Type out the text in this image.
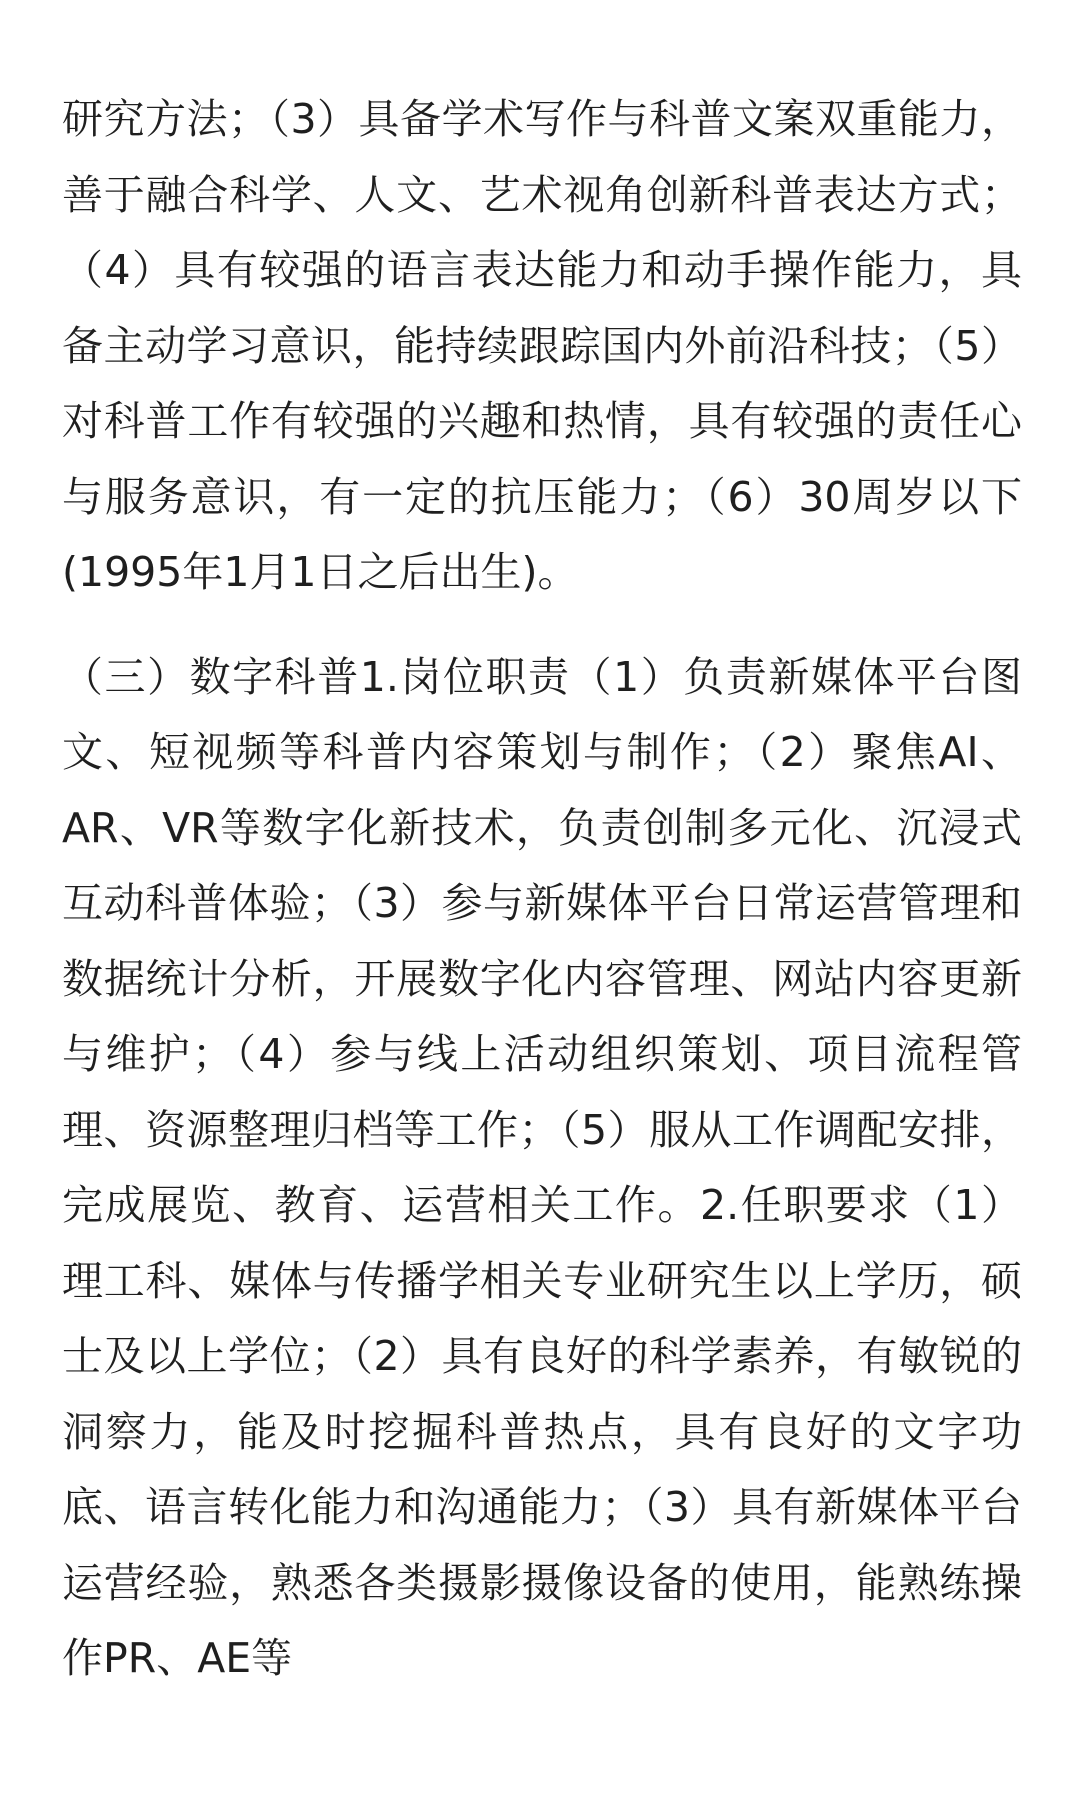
研究方法；（3）具备学术写作与科普文案双重能力，善于融合科学、人文、艺术视角创新科普表达方式；（4）具有较强的语言表达能力和动手操作能力，具备主动学习意识，能持续跟踪国内外前沿科技；（5）对科普工作有较强的兴趣和热情，具有较强的责任心与服务意识，有一定的抗压能力；（6）30周岁以下(1995年1月1日之后出生)。

（三）数字科普1.岗位职责（1）负责新媒体平台图文、短视频等科普内容策划与制作；（2）聚焦AI、AR、VR等数字化新技术，负责创制多元化、沉浸式互动科普体验；（3）参与新媒体平台日常运营管理和数据统计分析，开展数字化内容管理、网站内容更新与维护；（4）参与线上活动组织策划、项目流程管理、资源整理归档等工作；（5）服从工作调配安排，完成展览、教育、运营相关工作。2.任职要求（1）理工科、媒体与传播学相关专业研究生以上学历，硕士及以上学位；（2）具有良好的科学素养，有敏锐的洞察力，能及时挖掘科普热点，具有良好的文字功底、语言转化能力和沟通能力；（3）具有新媒体平台运营经验，熟悉各类摄影摄像设备的使用，能熟练操作PR、AE等
